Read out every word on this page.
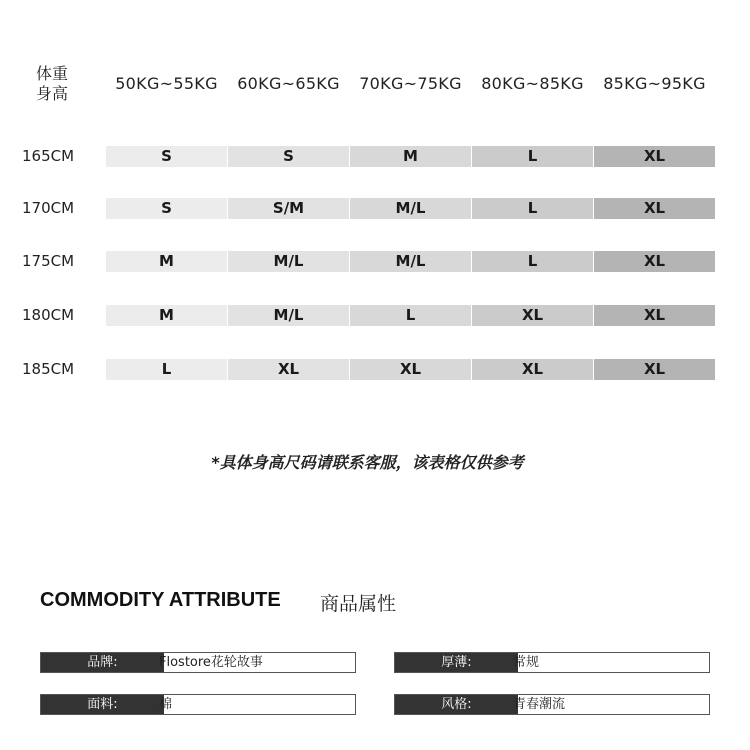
体重
身高
50KG~55KG	60KG~65KG	70KG~75KG	80KG~85KG	85KG~95KG
165CM	S	S	M	L	XL
170CM	S	S/M	M/L	L	XL
175CM	M	M/L	M/L	L	XL
180CM	M	M/L	L	XL	XL
185CM	L	XL	XL	XL	XL
*具体身高尺码请联系客服，该表格仅供参考
COMMODITY ATTRIBUTE 商品属性
品牌:	Flostore花轮故事	厚薄:	常规
面料:	棉	风格:	青春潮流
